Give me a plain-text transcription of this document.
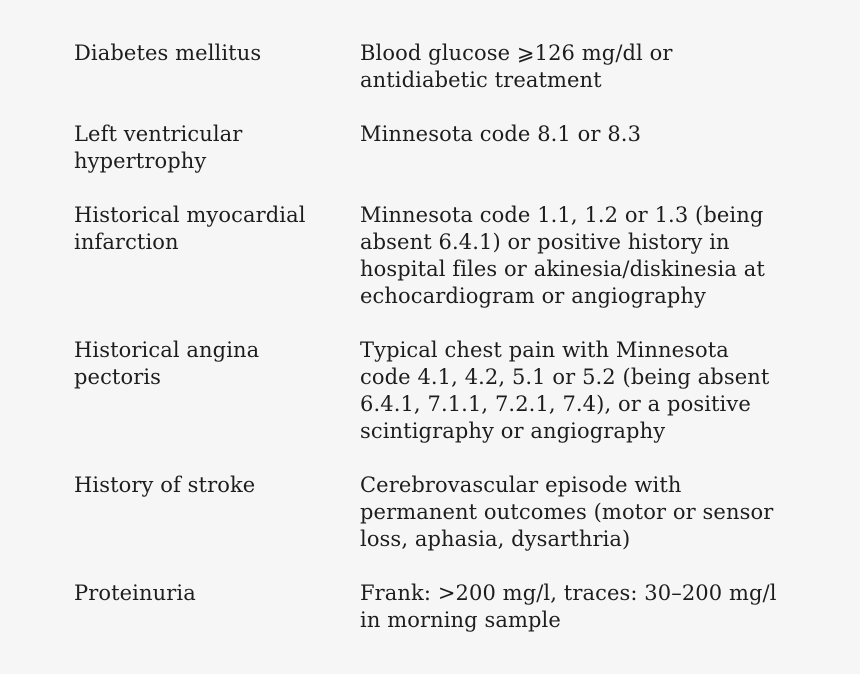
Diabetes mellitus	Blood glucose ⩾126 mg/dl or
antidiabetic treatment

Left ventricular
hypertrophy	Minnesota code 8.1 or 8.3

Historical myocardial
infarction	Minnesota code 1.1, 1.2 or 1.3 (being
absent 6.4.1) or positive history in
hospital files or akinesia/diskinesia at
echocardiogram or angiography

Historical angina
pectoris	Typical chest pain with Minnesota
code 4.1, 4.2, 5.1 or 5.2 (being absent
6.4.1, 7.1.1, 7.2.1, 7.4), or a positive
scintigraphy or angiography

History of stroke	Cerebrovascular episode with
permanent outcomes (motor or sensor
loss, aphasia, dysarthria)

Proteinuria	Frank: >200 mg/l, traces: 30–200 mg/l
in morning sample
